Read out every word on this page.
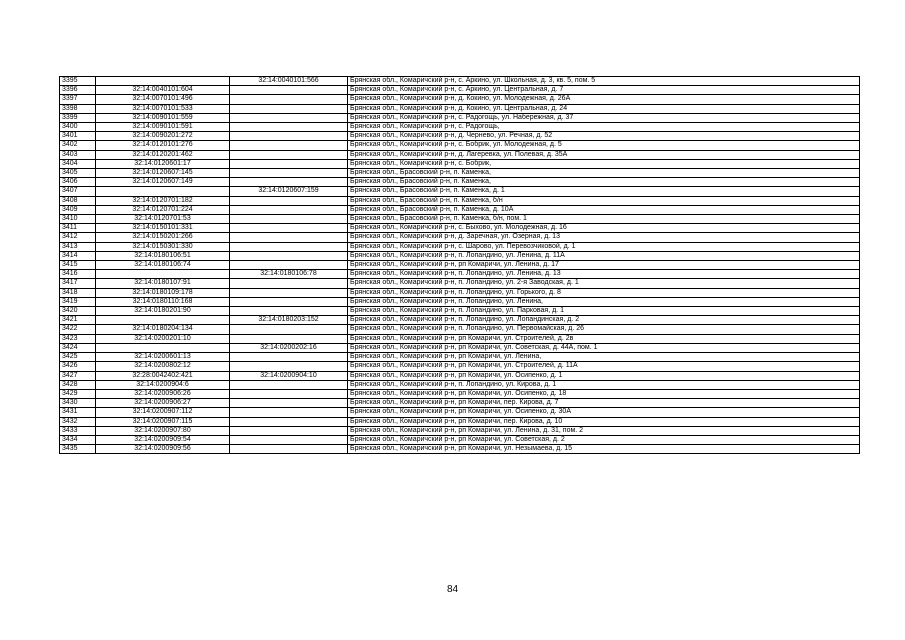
3395		32:14:0040101:566	Брянская обл., Комаричский р-н, с. Аркино, ул. Школьная, д. 3, кв. 5, пом. 5
3396	32:14:0040101:604		Брянская обл., Комаричский р-н, с. Аркино, ул. Центральная, д. 7
3397	32:14:0070101:496		Брянская обл., Комаричский р-н, д. Кокино, ул. Молодежная, д. 26А
3398	32:14:0070101:533		Брянская обл., Комаричский р-н, д. Кокино, ул. Центральная, д. 24
3399	32:14:0090101:559		Брянская обл., Комаричский р-н, с. Радогощь, ул. Набережная, д. 37
3400	32:14:0090101:591		Брянская обл., Комаричский р-н, с. Радогощь,
3401	32:14:0090201:272		Брянская обл., Комаричский р-н, д. Чернево, ул. Речная, д. 52
3402	32:14:0120101:276		Брянская обл., Комаричский р-н, с. Бобрик, ул. Молодежная, д. 5
3403	32:14:0120201:462		Брянская обл., Комаричский р-н, д. Лагеревка, ул. Полевая, д. 35А
3404	32:14:0120601:17		Брянская обл., Комаричский р-н, с. Бобрик,
3405	32:14:0120607:145		Брянская обл., Брасовский р-н, п. Каменка,
3406	32:14:0120607:149		Брянская обл., Брасовский р-н, п. Каменка,
3407		32:14:0120607:159	Брянская обл., Брасовский р-н, п. Каменка, д. 1
3408	32:14:0120701:182		Брянская обл., Брасовский р-н, п. Каменка, б/н
3409	32:14:0120701:224		Брянская обл., Брасовский р-н, п. Каменка, д. 10А
3410	32:14:0120701:53		Брянская обл., Брасовский р-н, п. Каменка, б/н, пом. 1
3411	32:14:0150101:331		Брянская обл., Комаричский р-н, с. Быхово, ул. Молодежная, д. 16
3412	32:14:0150201:266		Брянская обл., Комаричский р-н, д. Заречная, ул. Озерная, д. 13
3413	32:14:0150301:330		Брянская обл., Комаричский р-н, с. Шарово, ул. Перевозчиковой, д. 1
3414	32:14:0180106:51		Брянская обл., Комаричский р-н, п. Лопандино, ул. Ленина, д. 11А
3415	32:14:0180106:74		Брянская обл., Комаричский р-н, рп Комаричи, ул. Ленина, д. 17
3416		32:14:0180106:78	Брянская обл., Комаричский р-н, п. Лопандино, ул. Ленина, д. 13
3417	32:14:0180107:91		Брянская обл., Комаричский р-н, п. Лопандино, ул. 2-я Заводская, д. 1
3418	32:14:0180109:178		Брянская обл., Комаричский р-н, п. Лопандино, ул. Горького, д. 8
3419	32:14:0180110:168		Брянская обл., Комаричский р-н, п. Лопандино, ул. Ленина,
3420	32:14:0180201:90		Брянская обл., Комаричский р-н, п. Лопандино, ул. Парковая, д. 1
3421		32:14:0180203:152	Брянская обл., Комаричский р-н, п. Лопандино, ул. Лопандинская, д. 2
3422	32:14:0180204:134		Брянская обл., Комаричский р-н, п. Лопандино, ул. Первомайская, д. 26
3423	32:14:0200201:10		Брянская обл., Комаричский р-н, рп Комаричи, ул. Строителей, д. 2в
3424		32:14:0200202:16	Брянская обл., Комаричский р-н, рп Комаричи, ул. Советская, д. 44А, пом. 1
3425	32:14:0200601:13		Брянская обл., Комаричский р-н, рп Комаричи, ул. Ленина,
3426	32:14:0200802:12		Брянская обл., Комаричский р-н, рп Комаричи, ул. Строителей, д. 11А
3427	32:28:0042402:421	32:14:0200904:10	Брянская обл., Комаричский р-н, рп Комаричи, ул. Осипенко, д. 1
3428	32:14:0200904:6		Брянская обл., Комаричский р-н, п. Лопандино, ул. Кирова, д. 1
3429	32:14:0200906:26		Брянская обл., Комаричский р-н, рп Комаричи, ул. Осипенко, д. 18
3430	32:14:0200906:27		Брянская обл., Комаричский р-н, рп Комаричи, пер. Кирова, д. 7
3431	32:14:0200907:112		Брянская обл., Комаричский р-н, рп Комаричи, ул. Осипенко, д. 30А
3432	32:14:0200907:115		Брянская обл., Комаричский р-н, рп Комаричи, пер. Кирова, д. 10
3433	32:14:0200907:80		Брянская обл., Комаричский р-н, рп Комаричи, ул. Ленина, д. 31, пом. 2
3434	32:14:0200909:54		Брянская обл., Комаричский р-н, рп Комаричи, ул. Советская, д. 2
3435	32:14:0200909:56		Брянская обл., Комаричский р-н, рп Комаричи, ул. Незымаева, д. 15
84
